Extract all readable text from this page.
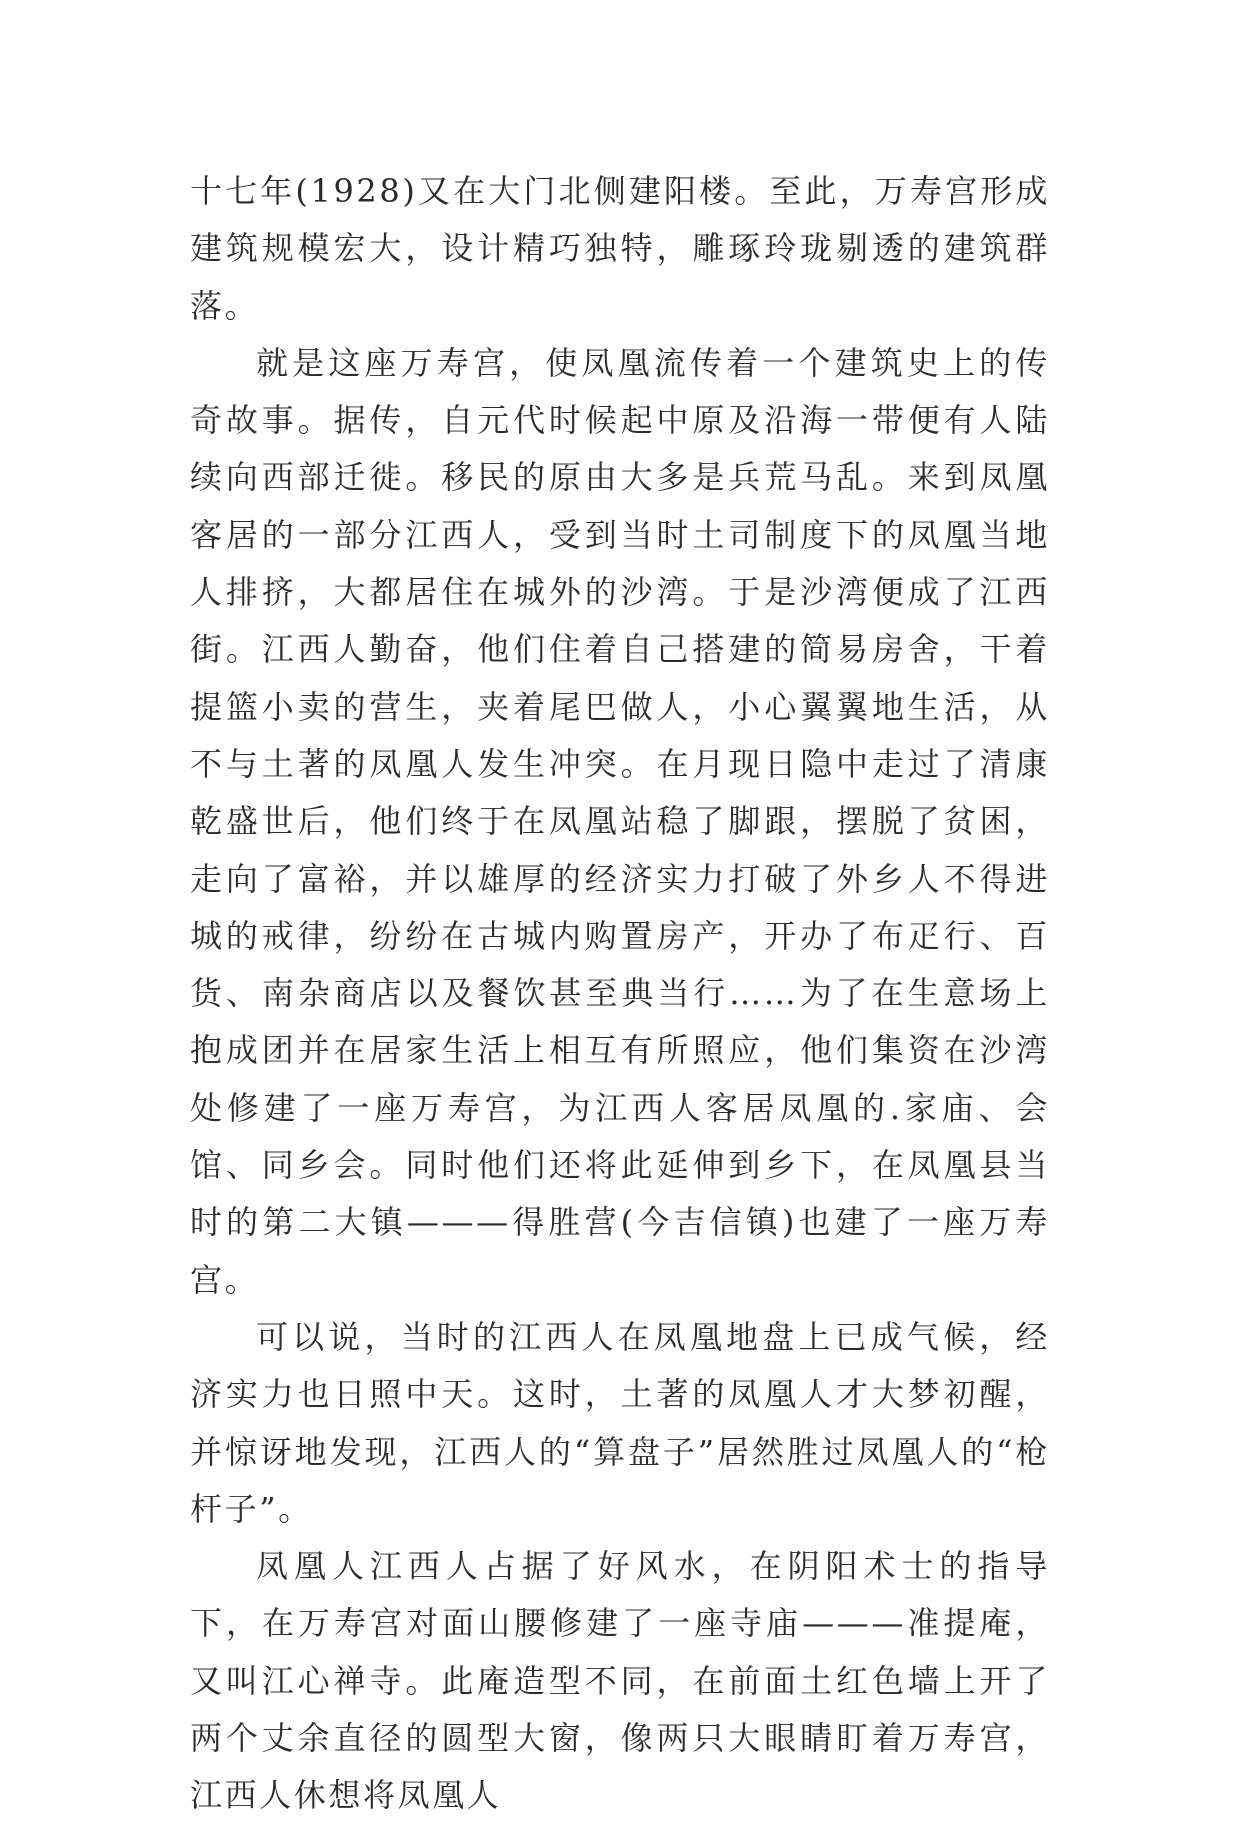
十七年(1928)又在大门北侧建阳楼。至此，万寿宫形成建筑规模宏大，设计精巧独特，雕琢玲珑剔透的建筑群落。

就是这座万寿宫，使凤凰流传着一个建筑史上的传奇故事。据传，自元代时候起中原及沿海一带便有人陆续向西部迁徙。移民的原由大多是兵荒马乱。来到凤凰客居的一部分江西人，受到当时土司制度下的凤凰当地人排挤，大都居住在城外的沙湾。于是沙湾便成了江西街。江西人勤奋，他们住着自己搭建的简易房舍，干着提篮小卖的营生，夹着尾巴做人，小心翼翼地生活，从不与土著的凤凰人发生冲突。在月现日隐中走过了清康乾盛世后，他们终于在凤凰站稳了脚跟，摆脱了贫困，走向了富裕，并以雄厚的经济实力打破了外乡人不得进城的戒律，纷纷在古城内购置房产，开办了布疋行、百货、南杂商店以及餐饮甚至典当行……为了在生意场上抱成团并在居家生活上相互有所照应，他们集资在沙湾处修建了一座万寿宫，为江西人客居凤凰的.家庙、会馆、同乡会。同时他们还将此延伸到乡下，在凤凰县当时的第二大镇———得胜营(今吉信镇)也建了一座万寿宫。

可以说，当时的江西人在凤凰地盘上已成气候，经济实力也日照中天。这时，土著的凤凰人才大梦初醒，并惊讶地发现，江西人的“算盘子”居然胜过凤凰人的“枪杆子”。

凤凰人江西人占据了好风水，在阴阳术士的指导下，在万寿宫对面山腰修建了一座寺庙———准提庵，又叫江心禅寺。此庵造型不同，在前面土红色墙上开了两个丈余直径的圆型大窗，像两只大眼睛盯着万寿宫，江西人休想将凤凰人
